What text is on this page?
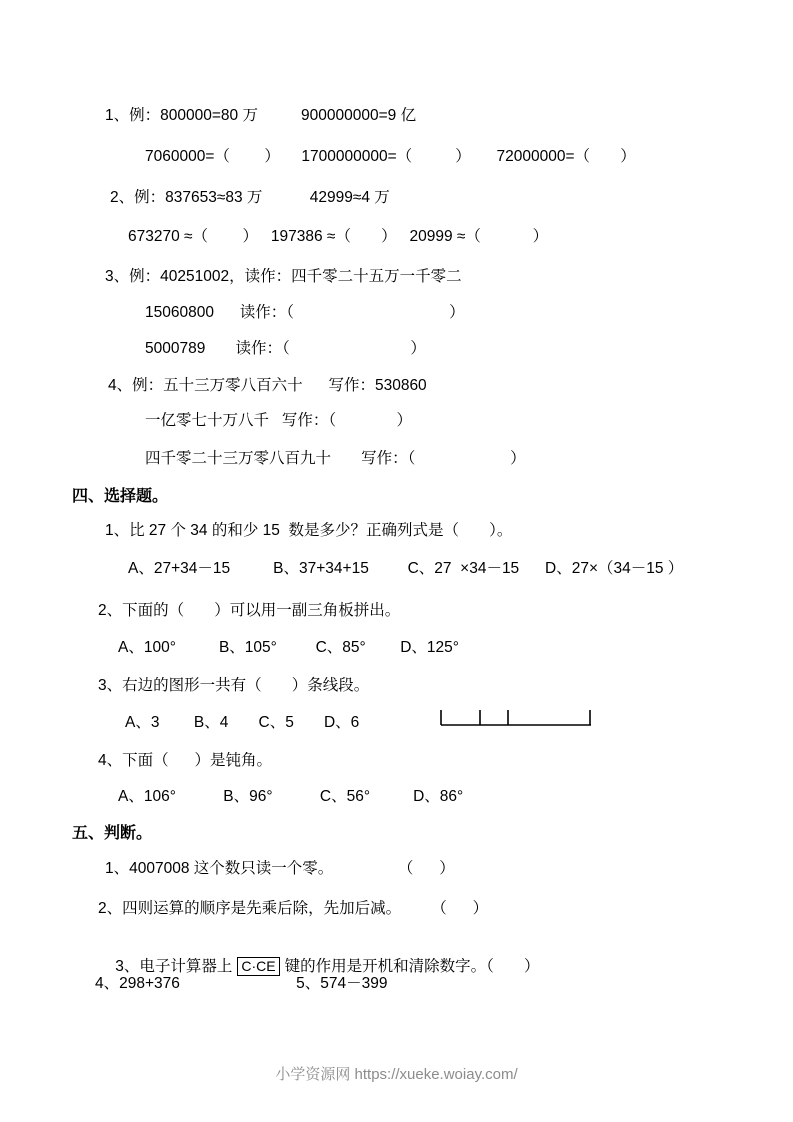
1、例：800000=80 万          900000000=9 亿
7060000=（        ）     1700000000=（          ）      72000000=（       ）
2、例：837653≈83 万           42999≈4 万
673270 ≈（        ）   197386 ≈（       ）   20999 ≈（            ）
3、例：40251002，读作：四千零二十五万一千零二
15060800      读作：（                                    ）
5000789       读作：（                            ）
4、例：五十三万零八百六十      写作：530860
一亿零七十万八千   写作：（              ）
四千零二十三万零八百九十       写作：（                      ）
四、选择题。
1、比 27 个 34 的和少 15  数是多少？正确列式是（       ）。
A、27+34－15          B、37+34+15         C、27  ×34－15      D、27×（34－15 ）
2、下面的（       ）可以用一副三角板拼出。
A、100°          B、105°         C、85°        D、125°
3、右边的图形一共有（       ）条线段。
A、3        B、4       C、5       D、6
4、下面（      ）是钝角。
A、106°           B、96°           C、56°          D、86°
五、判断。
1、4007008 这个数只读一个零。               （      ）
2、四则运算的顺序是先乘后除，先加后减。       （      ）

3、电子计算器上 C·CE 键的作用是开机和清除数字。（       ）

4、298+376                           5、574－399
小学资源网 https://xueke.woiay.com/
